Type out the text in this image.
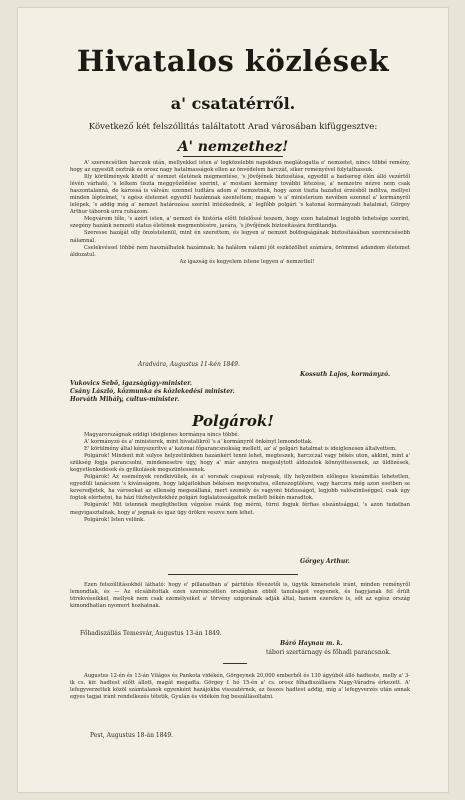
Hivatalos közlések
a' csatatérről.
Következő két felszóllitás találtatott Arad városában kifüggesztve:
A' nemzethez!

A' szerencsétlen harczok után, mellyekkel isten a' legközelebbi napokban meglátogatta e' nemzetet, nincs többé remény, hogy az egyesült osztrák és orosz nagy hatalmasságok ellen az önvédelem harczát, siker reményével folytathassuk.

Illy körülmények között a' nemzet életének megmentése, 's jövőjének biztosítása, egyedül a hadsereg élén álló vezértől lévén várható, 's lelkem tiszta meggyőződése szerint, a' mostani kormány további létezése, a' nemzetre nézve nem csak haszontalanná, de károssá is válván: ezennel tudtára adom a' nemzetnek, hogy azon tiszta hazafiui érzésből indítva, mellyel minden lépteimet, 's egész életemet egyedül hazámnak szenteltem; magam 's a' ministerium nevében ezennel a' kormányról lelépek, 's addig még a' nemzet határozása szerint intézkednék, a' legfőbb polgári 's katonai kormányzati hatalmat, Görgey Arthur táborok urra ruházom.

Megvárom tőle, 's azért isten, a' nemzet és história előtt felelőssé teszem, hogy ezen hatalmat legjobb tehetsége szerint, szegény hazánk nemzeti status életének megmentésére, javára, 's jövőjének biztosítására forditandja.

Szeresse hazáját olly önzéstelenül, mint én szerettem, és legyen a' nemzet boldogságának biztosításában szerencsésebb nálamnál.

Cselekvéssel többé nem használhatok hazámnak; ha halálom valami jót eszközölhet számára, örömmel adandom életemet áldozatul.

Az igazság és kegyelem istene legyen a' nemzettel!

Aradvára, Augustus 11-kén 1849.
Kossuth Lajos, kormányzó.
Vukovics Sebő, igazságügy-minister.
Csány László, közmunka és közlekedési minister.
Horváth Mihály, cultus-minister.
Polgárok!

Magyarországnak eddigi ideiglenes kormánya nincs többé.

A' kormányzó és a' ministerek, mint hivatalikról 's a' kormányról önkényt lemondottak.

E' körülmény által kényszerítve a' katonai főparancsnokság mellett, az' a' polgári hatalmat is ideiglenesen általvettem.

Polgárok! Mindent mit sulyos helyzetünkben hazánkért tenni lehet, megteszek, harczczal vagy békés uton, akkint, mint a' szükség fogja parancsolni, mindenesetre úgy, hogy a' már annyira megsulytott áldozatok könnyittessenek, az üldözések, kegyetlenkedések és gyilkolások megszüntessenek.

Polgárok! Az események rendkivüliek, és a' sorsnak csapásai sulyosak, illy helyzetben előleges kiszámitás lehetetlen, egyedüli tanácsom 's kivánságom, hogy lakjaitokban békésen megvonatva, ellenszegülésre, vagy harczra még azon esetben se keveredjetek, ha városokat az ellenség megszállaná, mert személy és vagyoni biztosságot, legjobb valószinüséggel, csak úgy fogtok elérhetni, ha házi tüzhelyeitekhéz polgári foglalatosságaitok mellett békén maradtok.

Polgárok! Mit istennek megfejthetlen végzése reánk fog mérni, türni fogjuk férfias elszántsággal, 's azon tudatban megvigasztalnak, hogy a' jognak és igaz ügy örökre veszve nem lehet.

Polgárok! Isten velünk.

Görgey Arthur.

Ezen felszóllitásokból látható: hogy e' pillanatban a' pártütés fővezetői is, ügyük kimenetele iránt, minden reményről lemondtak, és — Az elcsábitottak ezen szerencsétlen országban ebből tanulságot vegyenek, és hagyjanak fel őrült törekvéseikkel, mellyek nem csak személyeiket a' törvény szigorának adják által, hanem ezerekre is, sőt az egész ország kimondhatlan nyomort hozhatnak.

Főhadiszállás Temesvár, Augustus 13-án 1849.
Báró Haynau m. k.
tábori szertárnagy és főhadi parancsnok.

Augustus 12-én és 13-án Világos és Pankota vidékén, Görgeynek 20,000 emberből és 130 ágyúból álló hadteste, melly a' 3-ik cs. kir. hadtest előtt állott, magát megadta. Görgey f. hó 15-én a' cs. orosz főhadiszállásra Nagy-Váradra érkezett. A' lefegyverzettek közöl számtalanok egyenként hazájokba visszatérnek, az összes hadtest addig, míg a' lefegyverzés után annak egyes tagjai iránt rendelkezés tétetik, Gyulán és vidékén fog beszállásoltatni.

Pest, Augustus 18-án 1849.
